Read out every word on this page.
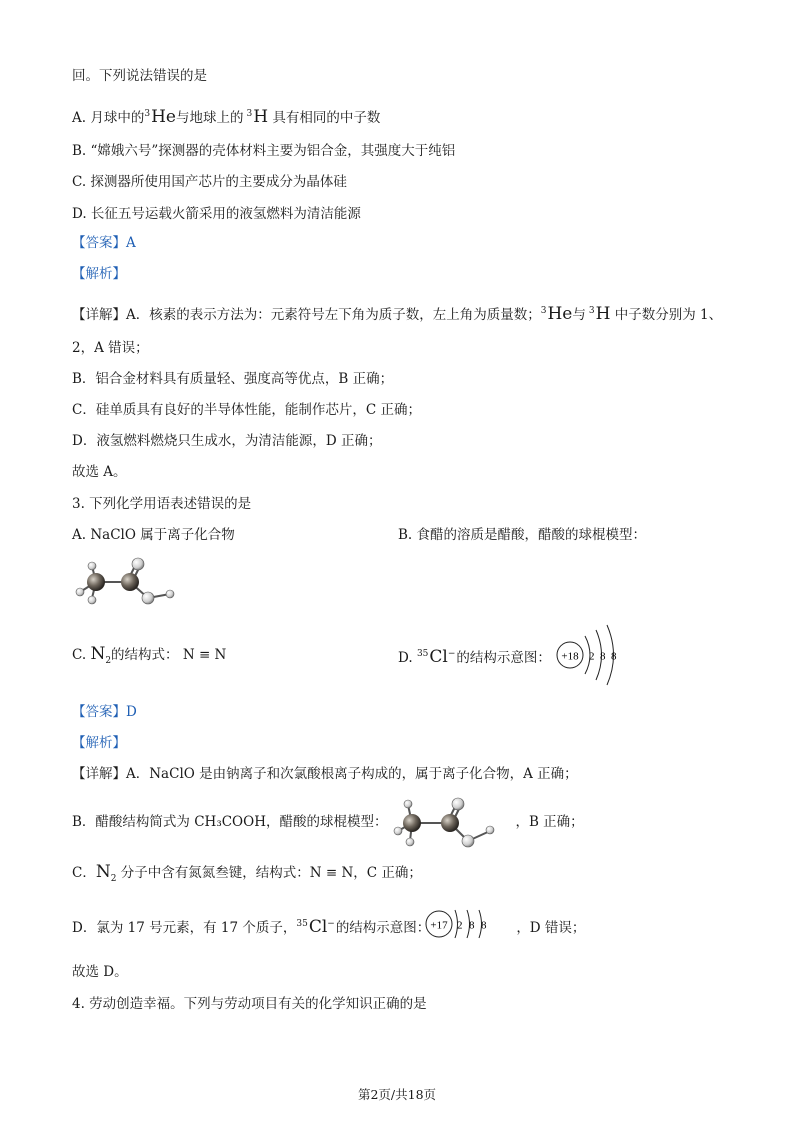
回。下列说法错误的是
A. 月球中的$^3$He与地球上的 $^3$H 具有相同的中子数
B. “嫦娥六号”探测器的壳体材料主要为铝合金，其强度大于纯铝
C. 探测器所使用国产芯片的主要成分为晶体硅
D. 长征五号运载火箭采用的液氢燃料为清洁能源
【答案】A
【解析】
【详解】A．核素的表示方法为：元素符号左下角为质子数，左上角为质量数；$^3$He与 $^3$H 中子数分别为 1、
2，A 错误；
B．铝合金材料具有质量轻、强度高等优点，B 正确；
C．硅单质具有良好的半导体性能，能制作芯片，C 正确；
D．液氢燃料燃烧只生成水，为清洁能源，D 正确；
故选 A。
3. 下列化学用语表述错误的是
A. NaClO 属于离子化合物	B. 食醋的溶质是醋酸，醋酸的球棍模型：
C. $N_2$的结构式： N ≡ N	D. $^{35}$Cl−的结构示意图： +18 2 8 8
【答案】D
【解析】
【详解】A．NaClO 是由钠离子和次氯酸根离子构成的，属于离子化合物，A 正确；
B．醋酸结构简式为 CH₃COOH，醋酸的球棍模型：	，B 正确；
C．$N_2$ 分子中含有氮氮叁键，结构式：N ≡ N，C 正确；
D．氯为 17 号元素，有 17 个质子，$^{35}$Cl−的结构示意图：	，D 错误；
+17 2 8 8
故选 D。
4. 劳动创造幸福。下列与劳动项目有关的化学知识正确的是
第2页/共18页
